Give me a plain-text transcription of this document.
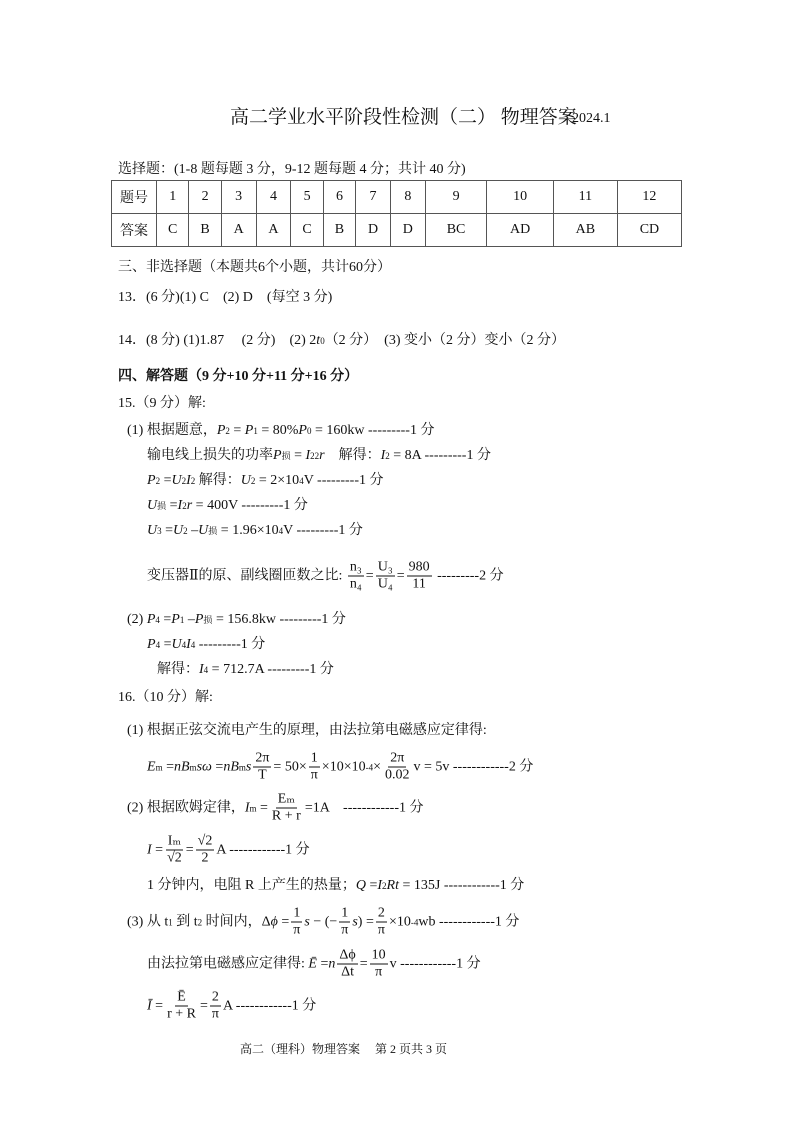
高二学业水平阶段性检测（二） 物理答案
2024.1
选择题：(1-8 题每题 3 分，9-12 题每题 4 分；共计 40 分)
题号	1	2	3	4	5	6	7	8	9	10	11	12
答案	C	B	A	A	C	B	D	D	BC	AD	AB	CD
三、非选择题（本题共6个小题，共计60分）
13．(6 分)(1) C　(2) D　(每空 3 分)
14．(8 分) (1)1.87　 (2 分)　(2) 2 t 0 （2 分）　(3) 变小（2 分）变小（2 分）
四、解答题（9 分+10 分+11 分+16 分）
15.（9 分）解:
(1) 根据题意， P 2 = P 1 = 80% P 0 = 160kw ---------1 分
输电线上损失的功率 P 损 = I 2 2 r 　解得： I 2 = 8A ---------1 分
P 2 = U 2 I 2 解得： U 2 = 2×10 4 V ---------1 分
U 损 = I 2 r = 400V ---------1 分
U 3 = U 2 – U 损 = 1.96×10 4 V ---------1 分
变压器Ⅱ的原、副线圈匝数之比: $\frac{\text{n₃}}{\text{n₄}} = \frac{\text{U₃}}{\text{U₄}} = \frac{980}{11} ---------2$ 分
(2) P 4 = P 1 – P 损 = 156.8kw ---------1 分
P 4 = U 4 I 4 ---------1 分
解得： I 4 = 712.7A ---------1 分
16.（10 分）解:
(1) 根据正弦交流电产生的原理，由法拉第电磁感应定律得:
E m = nB m sω = nB m s $\frac{2\pi}{T} = 50\times \frac{1}{\pi} \times 10\times 10$ $-4 \times \frac{2\pi}{0.02}$ v = 5v ------------2 分
(2) 根据欧姆定律， I $m = \frac{\text{Eₘ}}{R + r} =1A$　------------1 分
$I = \frac{\text{Iₘ}}{√2} = \frac{√2}{2}$ A ------------1 分
1 分钟内，电阻 R 上产生的热量； Q = I 2 Rt = 135J ------------1 分
(3) 从 t 1 到 t 2 时间内，Δ $\phi = \frac{1}{\pi}$ s − (− $\frac{1}{\pi}$ s ) = $\frac{2}{\pi} \times 10$ -4 wb ------------1 分
由法拉第电磁感应定律得: Ē = n $\frac{\Delta\phi}{\Delta t} = \frac{10}{\pi}$ v ------------1 分
Ī = $\frac{Ē}{r + R} = \frac{2}{\pi}$ A ------------1 分
高二（理科）物理答案　 第 2 页共 3 页
